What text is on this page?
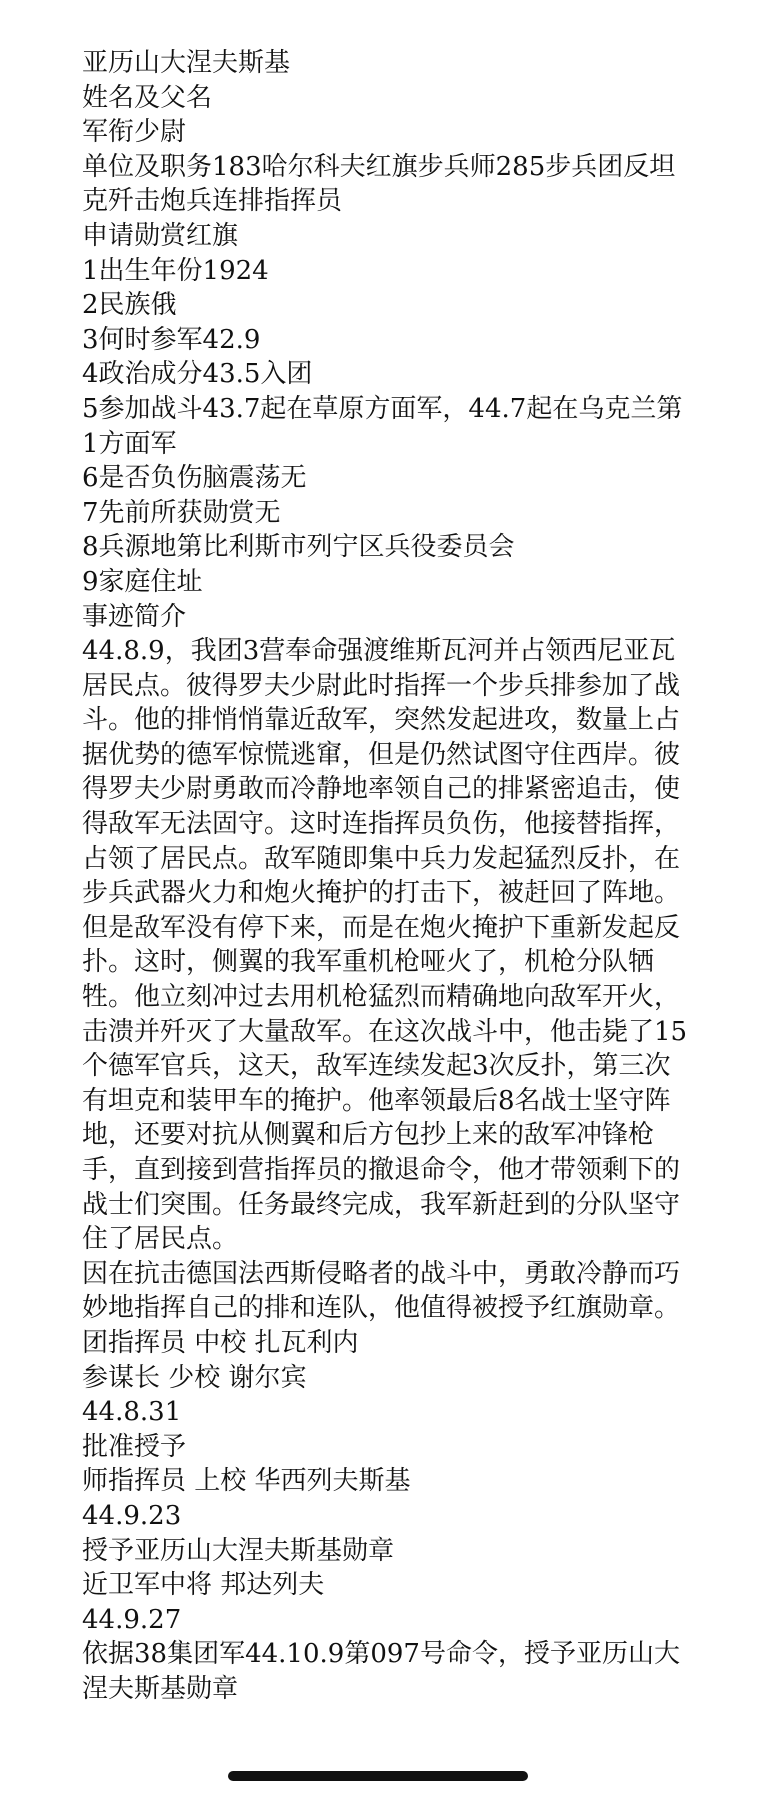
亚历山大涅夫斯基

姓名及父名

军衔少尉

单位及职务183哈尔科夫红旗步兵师285步兵团反坦克歼击炮兵连排指挥员

申请勋赏红旗

1出生年份1924

2民族俄

3何时参军42.9

4政治成分43.5入团

5参加战斗43.7起在草原方面军，44.7起在乌克兰第1方面军

6是否负伤脑震荡无

7先前所获勋赏无

8兵源地第比利斯市列宁区兵役委员会

9家庭住址

事迹简介

44.8.9，我团3营奉命强渡维斯瓦河并占领西尼亚瓦居民点。彼得罗夫少尉此时指挥一个步兵排参加了战斗。他的排悄悄靠近敌军，突然发起进攻，数量上占据优势的德军惊慌逃窜，但是仍然试图守住西岸。彼得罗夫少尉勇敢而冷静地率领自己的排紧密追击，使得敌军无法固守。这时连指挥员负伤，他接替指挥，占领了居民点。敌军随即集中兵力发起猛烈反扑，在步兵武器火力和炮火掩护的打击下，被赶回了阵地。但是敌军没有停下来，而是在炮火掩护下重新发起反扑。这时，侧翼的我军重机枪哑火了，机枪分队牺牲。他立刻冲过去用机枪猛烈而精确地向敌军开火，击溃并歼灭了大量敌军。在这次战斗中，他击毙了15个德军官兵，这天，敌军连续发起3次反扑，第三次有坦克和装甲车的掩护。他率领最后8名战士坚守阵地，还要对抗从侧翼和后方包抄上来的敌军冲锋枪手，直到接到营指挥员的撤退命令，他才带领剩下的战士们突围。任务最终完成，我军新赶到的分队坚守住了居民点。

因在抗击德国法西斯侵略者的战斗中，勇敢冷静而巧妙地指挥自己的排和连队，他值得被授予红旗勋章。

团指挥员 中校 扎瓦利内

参谋长 少校 谢尔宾

44.8.31

批准授予

师指挥员 上校 华西列夫斯基

44.9.23

授予亚历山大涅夫斯基勋章

近卫军中将 邦达列夫

44.9.27

依据38集团军44.10.9第097号命令，授予亚历山大涅夫斯基勋章
